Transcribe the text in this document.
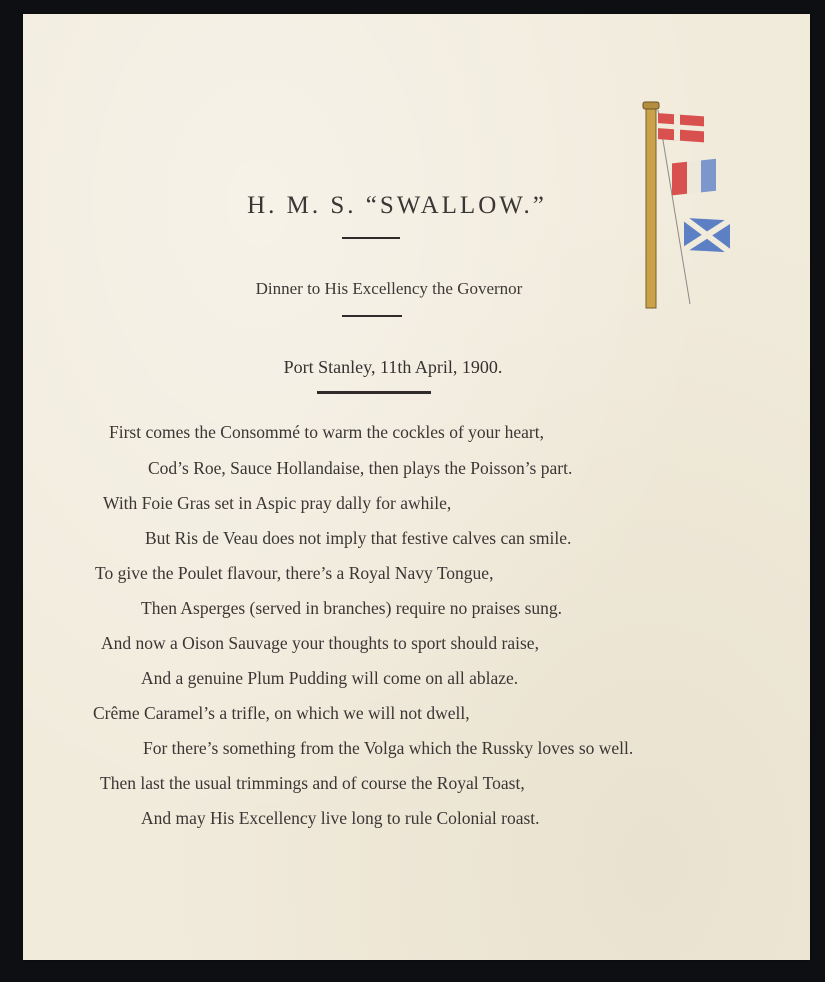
H. M. S. “SWALLOW.”
Dinner to His Excellency the Governor
Port Stanley, 11th April, 1900.
First comes the Consommé to warm the cockles of your heart,
Cod’s Roe, Sauce Hollandaise, then plays the Poisson’s part.
With Foie Gras set in Aspic pray dally for awhile,
But Ris de Veau does not imply that festive calves can smile.
To give the Poulet flavour, there’s a Royal Navy Tongue,
Then Asperges (served in branches) require no praises sung.
And now a Oison Sauvage your thoughts to sport should raise,
And a genuine Plum Pudding will come on all ablaze.
Crême Caramel’s a trifle, on which we will not dwell,
For there’s something from the Volga which the Russky loves so well.
Then last the usual trimmings and of course the Royal Toast,
And may His Excellency live long to rule Colonial roast.
